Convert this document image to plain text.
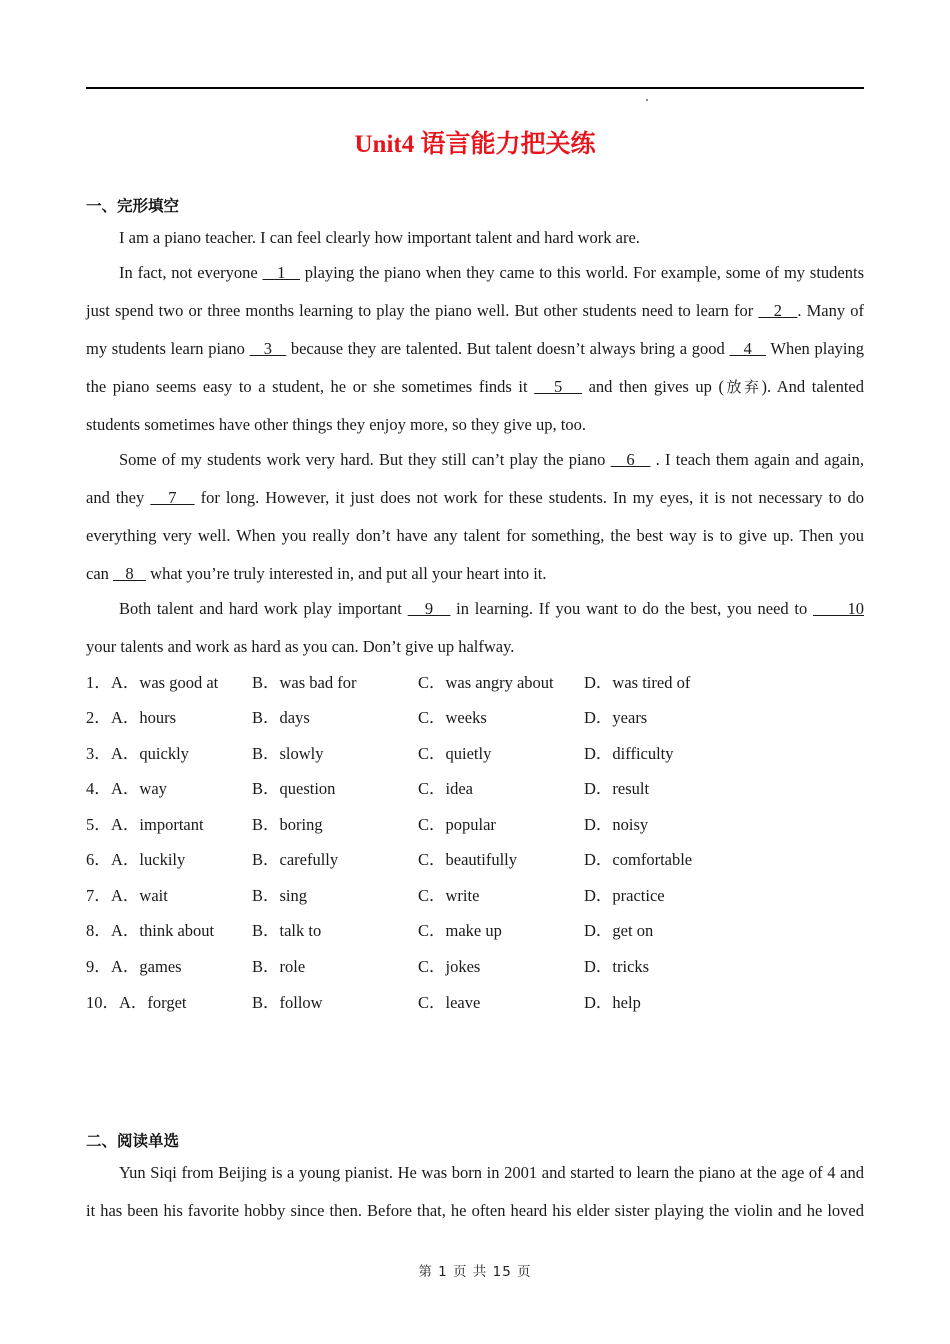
Unit4 语言能力把关练
一、完形填空
I am a piano teacher. I can feel clearly how important talent and hard work are.
In fact, not everyone    1    playing the piano when they came to this world. For example, some of my students
just spend two or three months learning to play the piano well. But other students need to learn for    2   . Many of
my students learn piano    3    because they are talented. But talent doesn’t always bring a good    4    When playing
the piano seems easy to a student, he or she sometimes finds it    5    and then gives up (放弃). And talented
students sometimes have other things they enjoy more, so they give up, too.
Some of my students work very hard. But they still can’t play the piano    6    . I teach them again and again,
and they    7    for long. However, it just does not work for these students. In my eyes, it is not necessary to do
everything very well. When you really don’t have any talent for something, the best way is to give up. Then you
can    8    what you’re truly interested in, and put all your heart into it.
Both talent and hard work play important    9    in learning. If you want to do the best, you need to       10
your talents and work as hard as you can. Don’t give up halfway.
1． A．was good at B．was bad for	C．was angry about D．was tired of
2． A．hours	B．days	C．weeks	D．years
3． A．quickly	B．slowly	C．quietly	D．difficulty
4． A．way	B．question	C．idea	D．result
5． A．important	B．boring	C．popular	D．noisy
6． A．luckily	B．carefully	C．beautifully	D．comfortable
7． A．wait	B．sing	C．write	D．practice
8． A．think about B．talk to	C．make up	D．get on
9． A．games	B．role	C．jokes	D．tricks
10． A．forget	B．follow	C．leave	D．help
二、阅读单选
Yun Siqi from Beijing is a young pianist. He was born in 2001 and started to learn the piano at the age of 4 and
it has been his favorite hobby since then. Before that, he often heard his elder sister playing the violin and he loved
第 1 页 共 15 页
